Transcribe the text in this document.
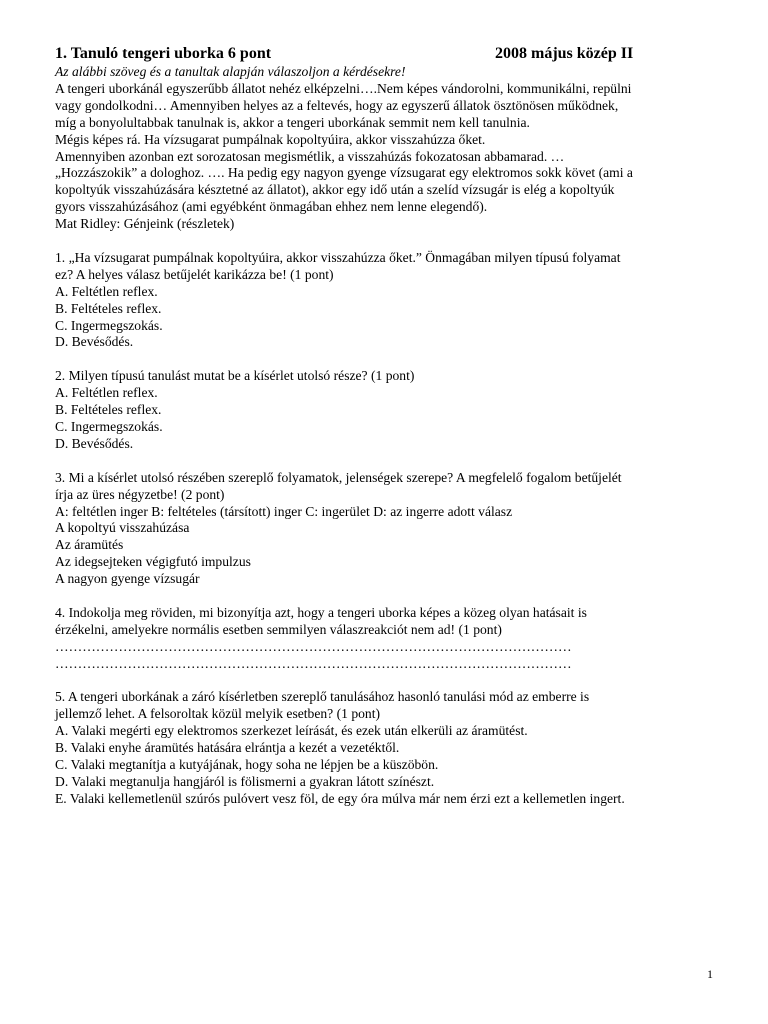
1. Tanuló tengeri uborka 6 pont	2008 május közép II
Az alábbi szöveg és a tanultak alapján válaszoljon a kérdésekre!
A tengeri uborkánál egyszerűbb állatot nehéz elképzelni….Nem képes vándorolni, kommunikálni, repülni
vagy gondolkodni… Amennyiben helyes az a feltevés, hogy az egyszerű állatok ösztönösen működnek,
míg a bonyolultabbak tanulnak is, akkor a tengeri uborkának semmit nem kell tanulnia.
Mégis képes rá. Ha vízsugarat pumpálnak kopoltyúira, akkor visszahúzza őket.
Amennyiben azonban ezt sorozatosan megismétlik, a visszahúzás fokozatosan abbamarad. …
„Hozzászokik” a dologhoz. …. Ha pedig egy nagyon gyenge vízsugarat egy elektromos sokk követ (ami a
kopoltyúk visszahúzására késztetné az állatot), akkor egy idő után a szelíd vízsugár is elég a kopoltyúk
gyors visszahúzásához (ami egyébként önmagában ehhez nem lenne elegendő).
Mat Ridley: Génjeink (részletek)
1. „Ha vízsugarat pumpálnak kopoltyúira, akkor visszahúzza őket.” Önmagában milyen típusú folyamat
ez? A helyes válasz betűjelét karikázza be! (1 pont)
A. Feltétlen reflex.
B. Feltételes reflex.
C. Ingermegszokás.
D. Bevésődés.
2. Milyen típusú tanulást mutat be a kísérlet utolsó része? (1 pont)
A. Feltétlen reflex.
B. Feltételes reflex.
C. Ingermegszokás.
D. Bevésődés.
3. Mi a kísérlet utolsó részében szereplő folyamatok, jelenségek szerepe? A megfelelő fogalom betűjelét
írja az üres négyzetbe! (2 pont)
A: feltétlen inger B: feltételes (társított) inger C: ingerület D: az ingerre adott válasz
A kopoltyú visszahúzása
Az áramütés
Az idegsejteken végigfutó impulzus
A nagyon gyenge vízsugár
4. Indokolja meg röviden, mi bizonyítja azt, hogy a tengeri uborka képes a közeg olyan hatásait is
érzékelni, amelyekre normális esetben semmilyen válaszreakciót nem ad! (1 pont)
……………………………………………………………………………………………………
……………………………………………………………………………………………………
5. A tengeri uborkának a záró kísérletben szereplő tanulásához hasonló tanulási mód az emberre is
jellemző lehet. A felsoroltak közül melyik esetben? (1 pont)
A. Valaki megérti egy elektromos szerkezet leírását, és ezek után elkerüli az áramütést.
B. Valaki enyhe áramütés hatására elrántja a kezét a vezetéktől.
C. Valaki megtanítja a kutyájának, hogy soha ne lépjen be a küszöbön.
D. Valaki megtanulja hangjáról is fölismerni a gyakran látott színészt.
E. Valaki kellemetlenül szúrós pulóvert vesz föl, de egy óra múlva már nem érzi ezt a kellemetlen ingert.
1
